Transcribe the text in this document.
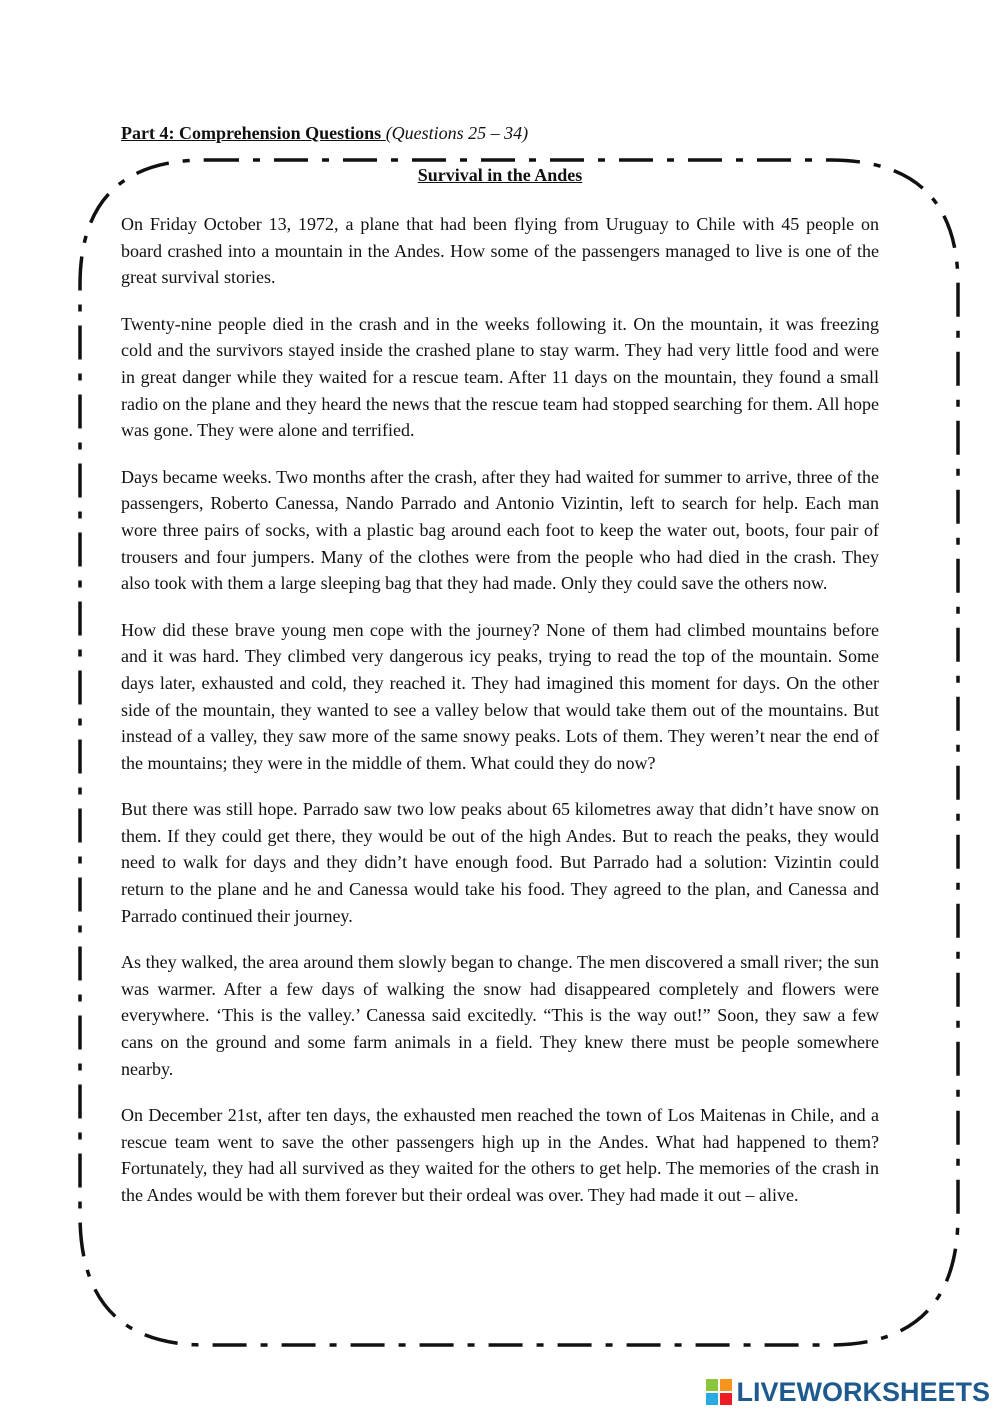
Part 4: Comprehension Questions (Questions 25 – 34)
Survival in the Andes

On Friday October 13, 1972, a plane that had been flying from Uruguay to Chile with 45 people on board crashed into a mountain in the Andes. How some of the passengers managed to live is one of the great survival stories.

Twenty-nine people died in the crash and in the weeks following it. On the mountain, it was freezing cold and the survivors stayed inside the crashed plane to stay warm. They had very little food and were in great danger while they waited for a rescue team. After 11 days on the mountain, they found a small radio on the plane and they heard the news that the rescue team had stopped searching for them. All hope was gone. They were alone and terrified.

Days became weeks. Two months after the crash, after they had waited for summer to arrive, three of the passengers, Roberto Canessa, Nando Parrado and Antonio Vizintin, left to search for help. Each man wore three pairs of socks, with a plastic bag around each foot to keep the water out, boots, four pair of trousers and four jumpers. Many of the clothes were from the people who had died in the crash. They also took with them a large sleeping bag that they had made. Only they could save the others now.

How did these brave young men cope with the journey? None of them had climbed mountains before and it was hard. They climbed very dangerous icy peaks, trying to read the top of the mountain. Some days later, exhausted and cold, they reached it. They had imagined this moment for days. On the other side of the mountain, they wanted to see a valley below that would take them out of the mountains. But instead of a valley, they saw more of the same snowy peaks. Lots of them. They weren’t near the end of the mountains; they were in the middle of them. What could they do now?

But there was still hope. Parrado saw two low peaks about 65 kilometres away that didn’t have snow on them. If they could get there, they would be out of the high Andes. But to reach the peaks, they would need to walk for days and they didn’t have enough food. But Parrado had a solution: Vizintin could return to the plane and he and Canessa would take his food. They agreed to the plan, and Canessa and Parrado continued their journey.

As they walked, the area around them slowly began to change. The men discovered a small river; the sun was warmer. After a few days of walking the snow had disappeared completely and flowers were everywhere. ‘This is the valley.’ Canessa said excitedly. “This is the way out!” Soon, they saw a few cans on the ground and some farm animals in a field. They knew there must be people somewhere nearby.

On December 21st, after ten days, the exhausted men reached the town of Los Maitenas in Chile, and a rescue team went to save the other passengers high up in the Andes. What had happened to them? Fortunately, they had all survived as they waited for the others to get help. The memories of the crash in the Andes would be with them forever but their ordeal was over. They had made it out – alive.

LIVEWORKSHEETS
